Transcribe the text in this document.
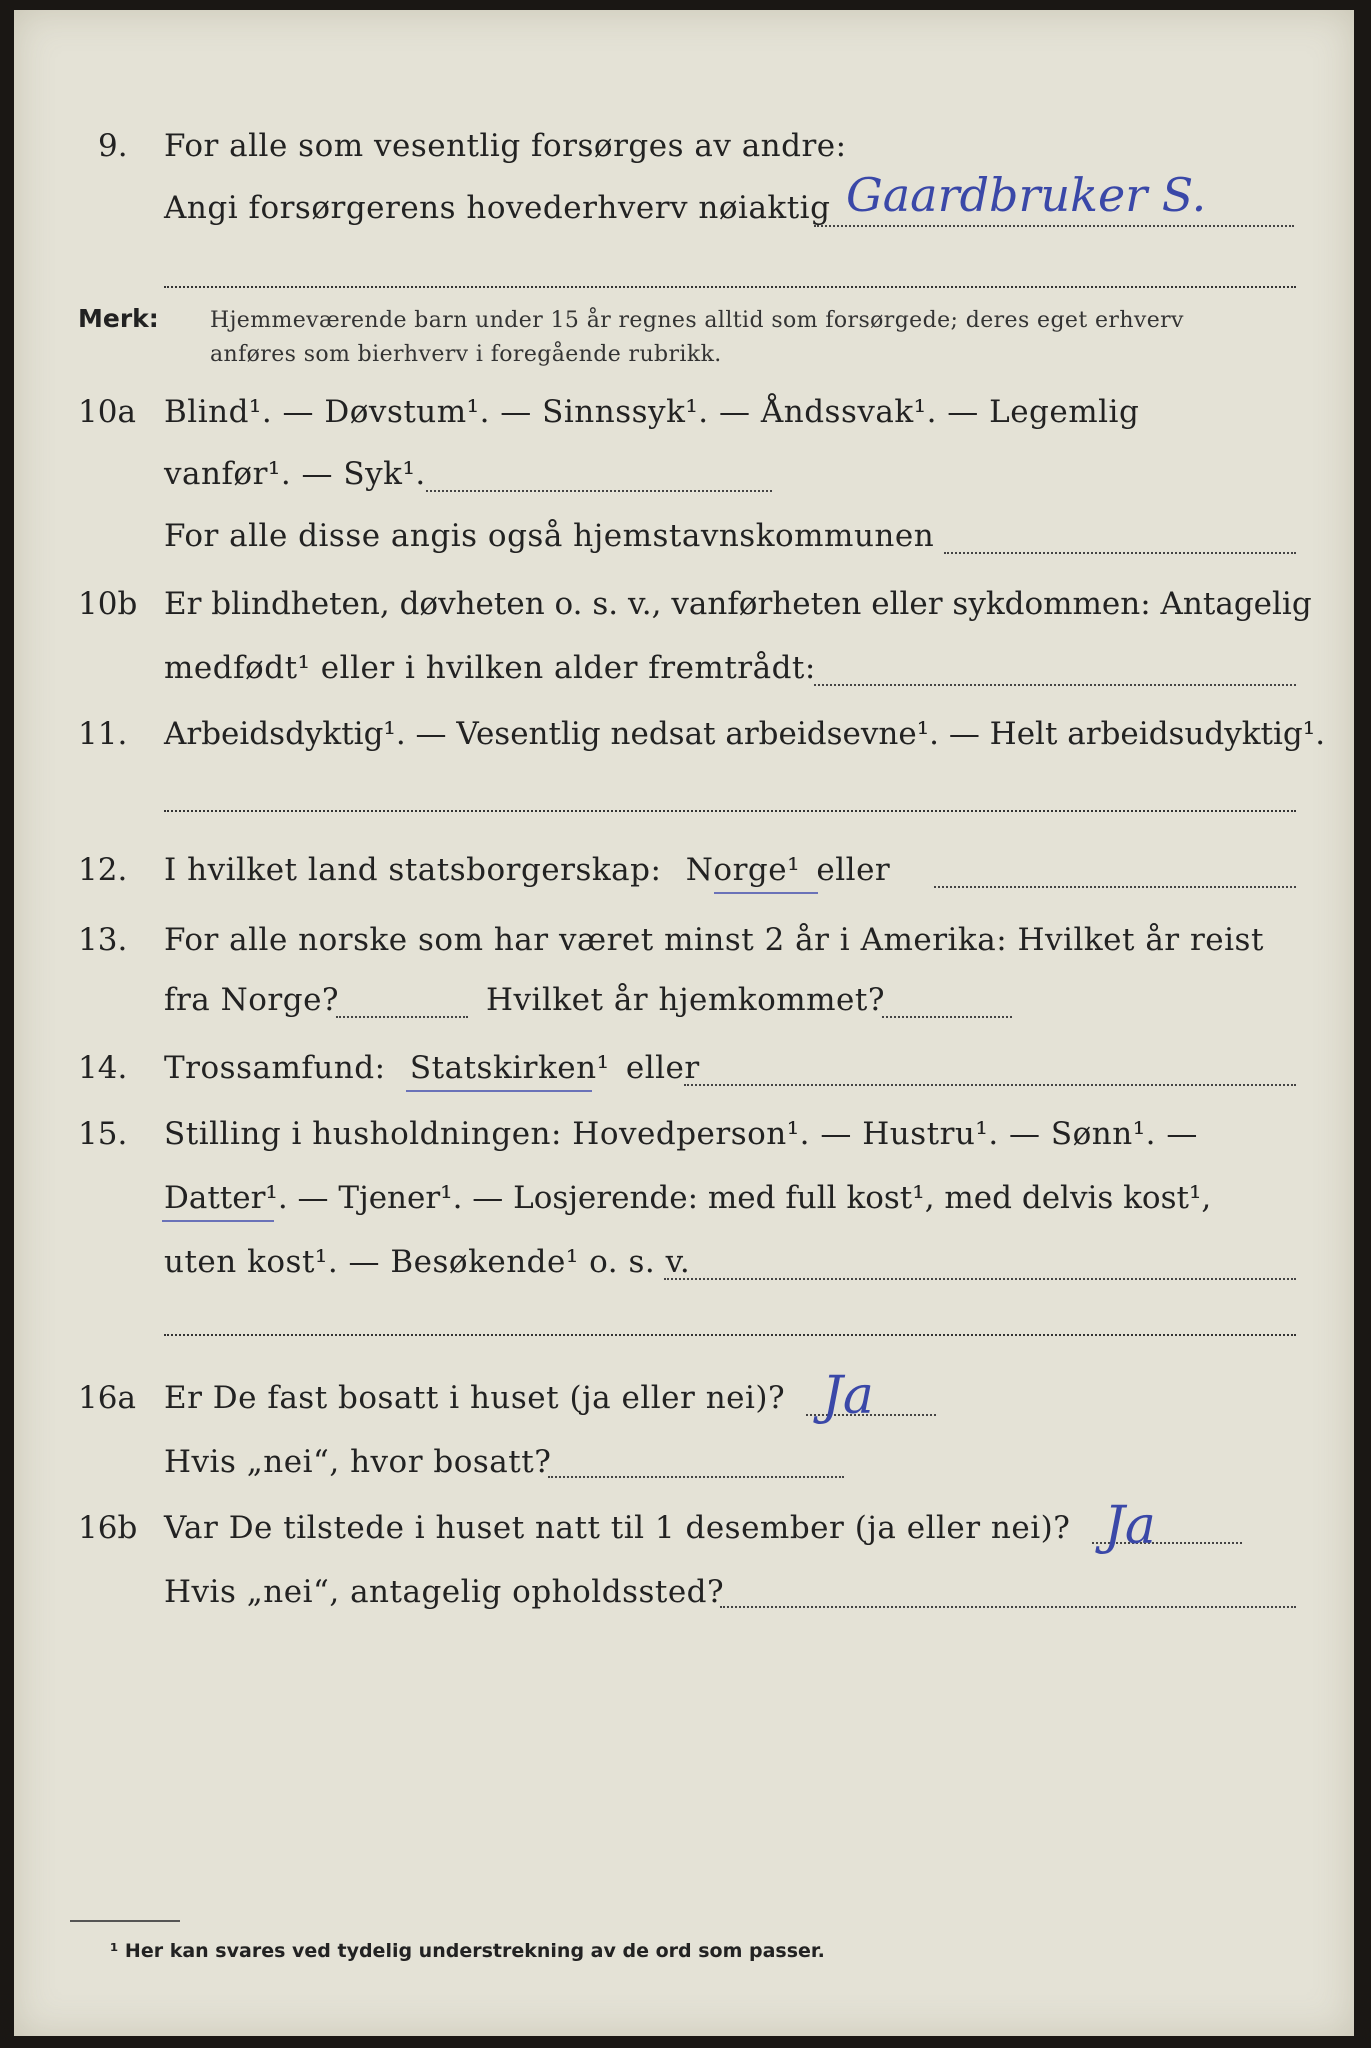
9. For alle som vesentlig forsørges av andre:
Angi forsørgerens hovederhverv nøiaktig Gaardbruker S.
Merk: Hjemmeværende barn under 15 år regnes alltid som forsørgede; deres eget erhverv
anføres som bierhverv i foregående rubrikk.
10a Blind¹. — Døvstum¹. — Sinnssyk¹. — Åndssvak¹. — Legemlig
vanfør¹. — Syk¹.
For alle disse angis også hjemstavnskommunen
10b Er blindheten, døvheten o. s. v., vanførheten eller sykdommen: Antagelig
medfødt¹ eller i hvilken alder fremtrådt:
11. Arbeidsdyktig¹. — Vesentlig nedsat arbeidsevne¹. — Helt arbeidsudyktig¹.
12. I hvilket land statsborgerskap: Norge¹ eller
13. For alle norske som har været minst 2 år i Amerika: Hvilket år reist
fra Norge?	Hvilket år hjemkommet?
14. Trossamfund: Statskirken¹ eller
15. Stilling i husholdningen: Hovedperson¹. — Hustru¹. — Sønn¹. —
Datter¹. — Tjener¹. — Losjerende: med full kost¹, med delvis kost¹,
uten kost¹. — Besøkende¹ o. s. v.
16a Er De fast bosatt i huset (ja eller nei)? Ja
Hvis „nei“, hvor bosatt?
16b Var De tilstede i huset natt til 1 desember (ja eller nei)? Ja
Hvis „nei“, antagelig opholdssted?
¹ Her kan svares ved tydelig understrekning av de ord som passer.
